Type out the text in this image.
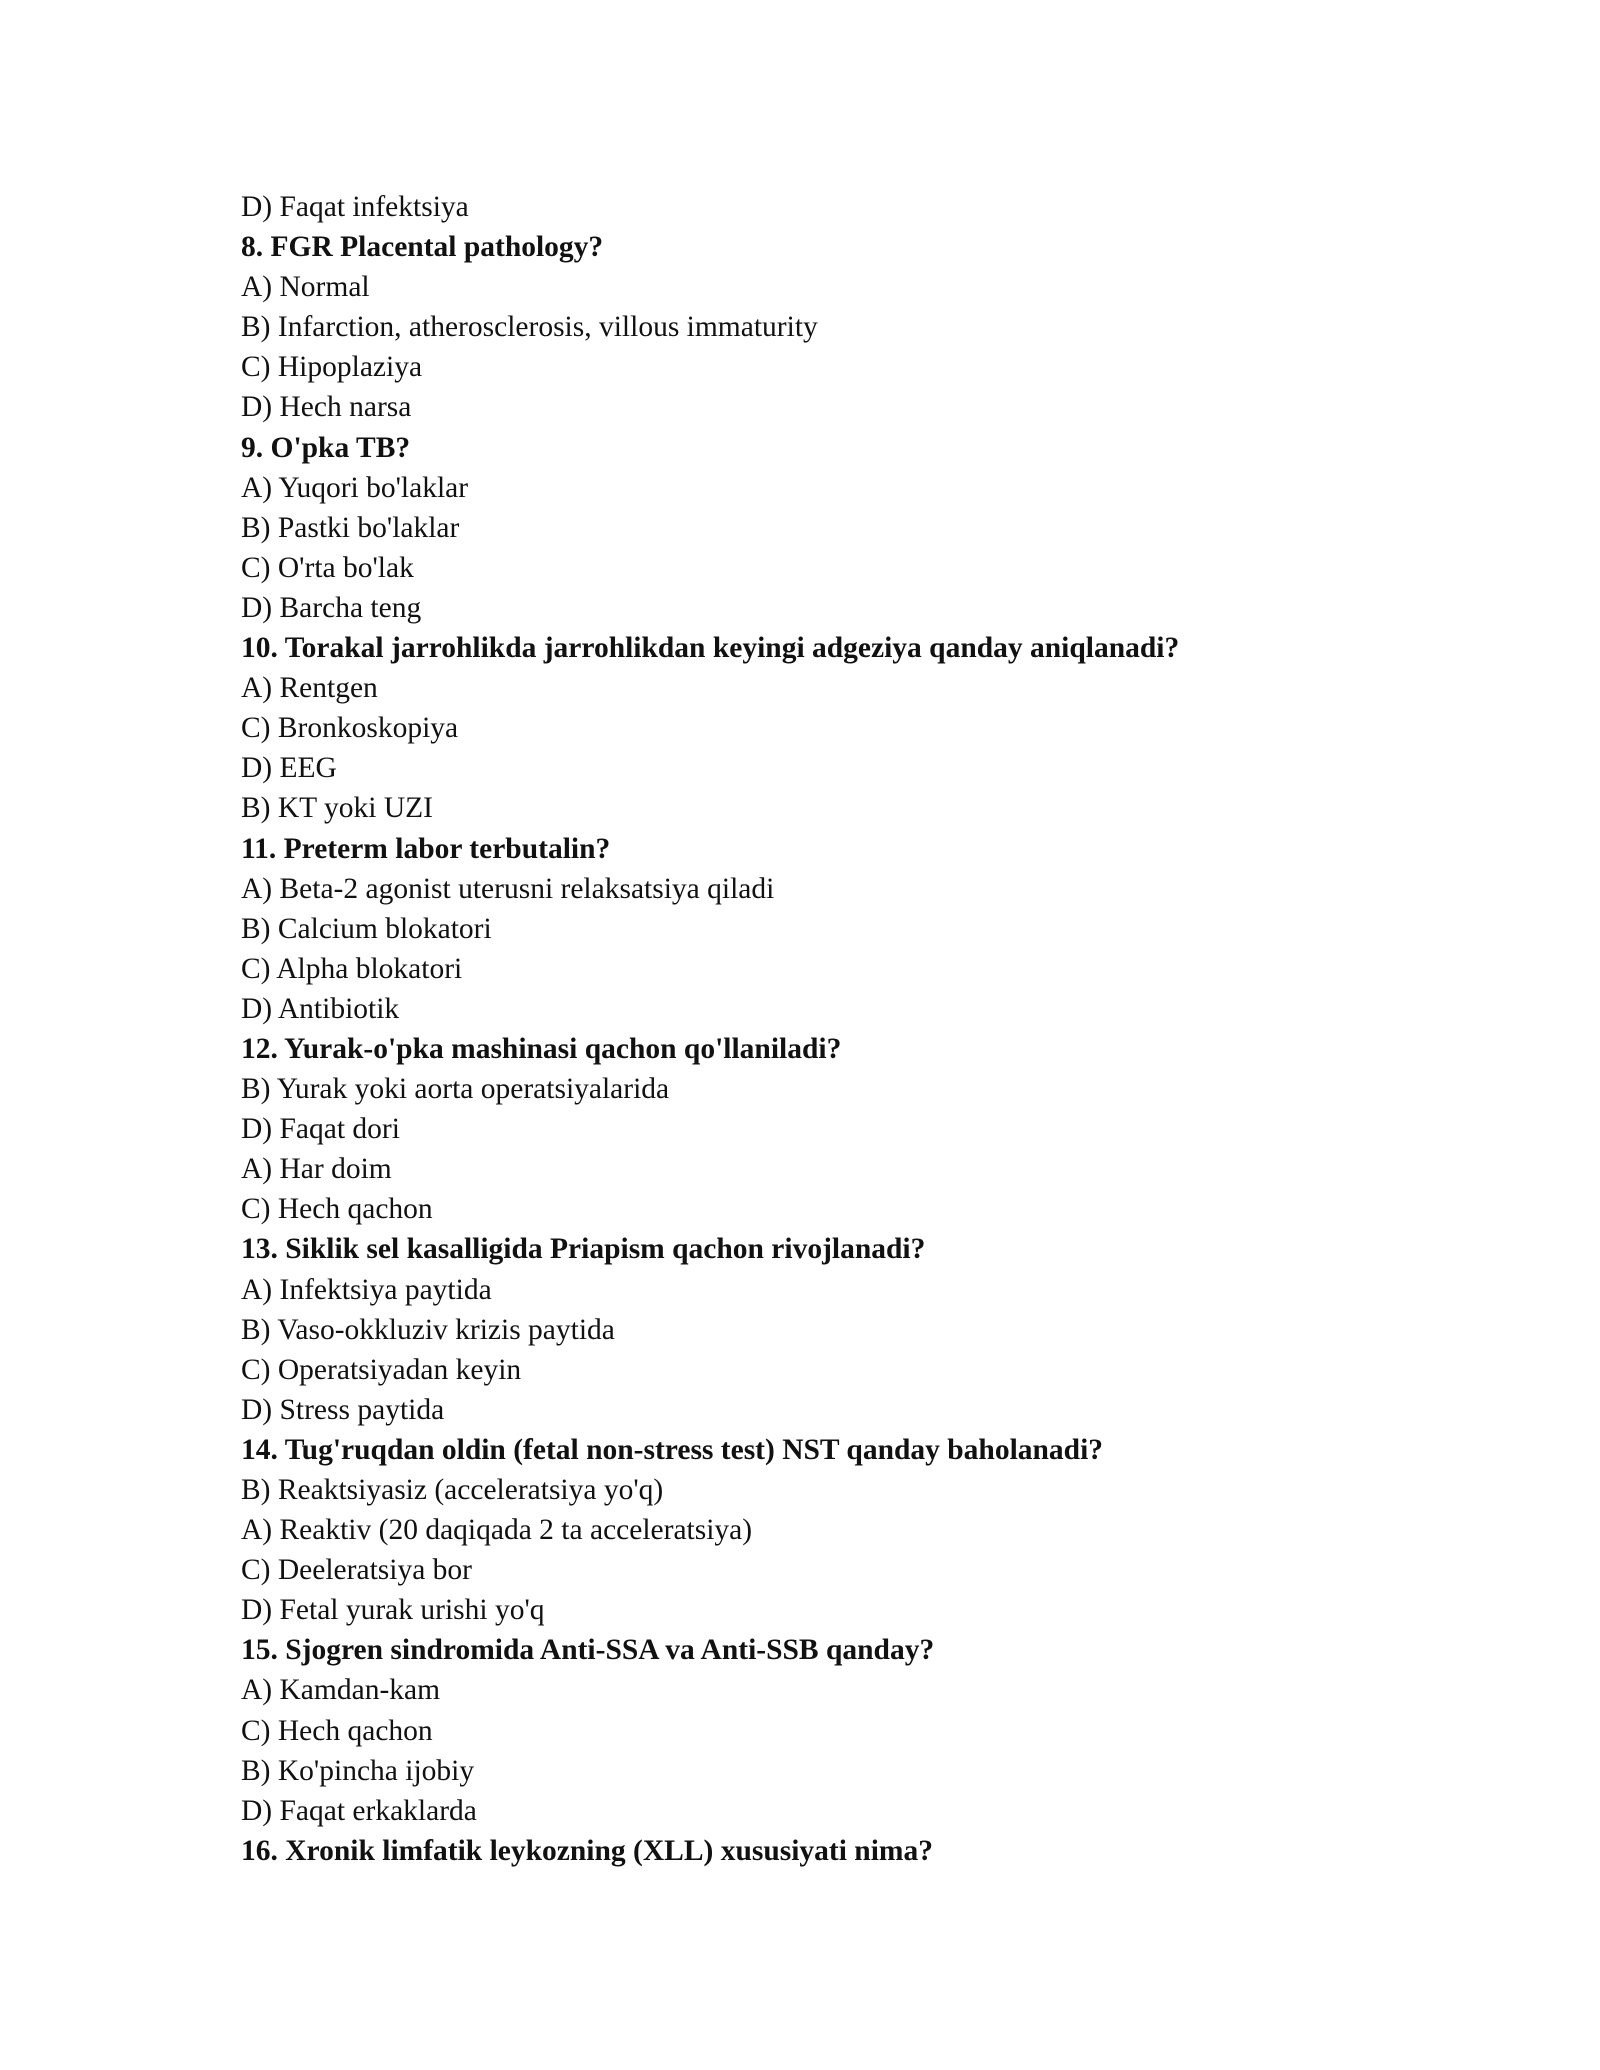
D) Faqat infektsiya
8. FGR Placental pathology?
A) Normal
B) Infarction, atherosclerosis, villous immaturity
C) Hipoplaziya
D) Hech narsa
9. O'pka TB?
A) Yuqori bo'laklar
B) Pastki bo'laklar
C) O'rta bo'lak
D) Barcha teng
10. Torakal jarrohlikda jarrohlikdan keyingi adgeziya qanday aniqlanadi?
A) Rentgen
C) Bronkoskopiya
D) EEG
B) KT yoki UZI
11. Preterm labor terbutalin?
A) Beta-2 agonist uterusni relaksatsiya qiladi
B) Calcium blokatori
C) Alpha blokatori
D) Antibiotik
12. Yurak-o'pka mashinasi qachon qo'llaniladi?
B) Yurak yoki aorta operatsiyalarida
D) Faqat dori
A) Har doim
C) Hech qachon
13. Siklik sel kasalligida Priapism qachon rivojlanadi?
A) Infektsiya paytida
B) Vaso-okkluziv krizis paytida
C) Operatsiyadan keyin
D) Stress paytida
14. Tug'ruqdan oldin (fetal non-stress test) NST qanday baholanadi?
B) Reaktsiyasiz (acceleratsiya yo'q)
A) Reaktiv (20 daqiqada 2 ta acceleratsiya)
C) Deeleratsiya bor
D) Fetal yurak urishi yo'q
15. Sjogren sindromida Anti-SSA va Anti-SSB qanday?
A) Kamdan-kam
C) Hech qachon
B) Ko'pincha ijobiy
D) Faqat erkaklarda
16. Xronik limfatik leykozning (XLL) xususiyati nima?
